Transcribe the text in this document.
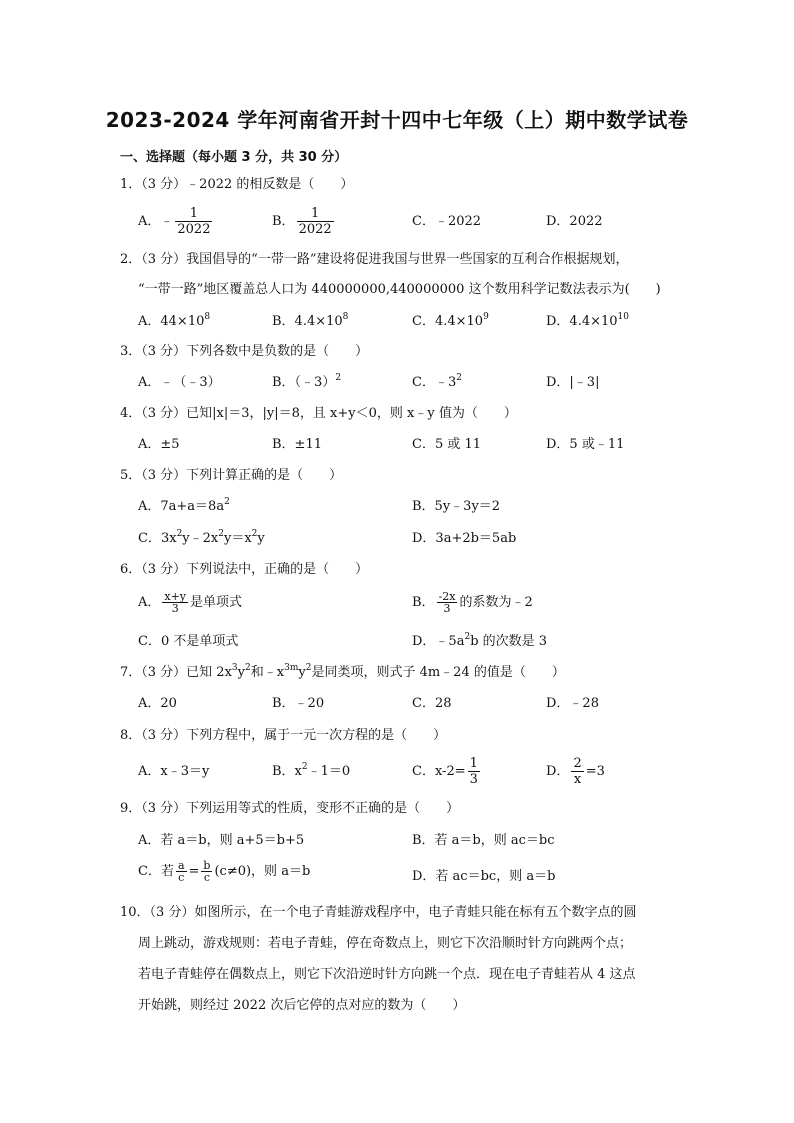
2023-2024 学年河南省开封十四中七年级（上）期中数学试卷
一、选择题（每小题 3 分，共 30 分）
1．（3 分）﹣2022 的相反数是（　　）
A．﹣ $\frac{1}{2022}$	B． $\frac{1}{2022}$	C．﹣2022	D．2022
2．（3 分）我国倡导的“一带一路”建设将促进我国与世界一些国家的互利合作根据规划，
“一带一路”地区覆盖总人口为 440000000,440000000 这个数用科学记数法表示为(　　)
A．$44\times 10^8$	B．$4.4\times 10^8$	C．$4.4\times 10^9$	D．$4.4\times 10^{10}$
3．（3 分）下列各数中是负数的是（　　）
A．﹣（﹣3）	B．（﹣3）$^2$	C．$﹣3^2$	D．|﹣3|
4．（3 分）已知|x|＝3，|y|＝8，且 x+y＜0，则 x﹣y 值为（　　）
A．±5	B．±11	C．5 或 11	D．5 或﹣11
5．（3 分）下列计算正确的是（　　）
A．$7a+a=8a^2$	B．5y﹣3y＝2
C．$3x^2y﹣2x^2y=x^2y$	D．3a+2b＝5ab
6．（3 分）下列说法中，正确的是（　　）
A． $\frac{x+y}{3}$ 是单项式	B． $\frac{-2x}{3}$ 的系数为﹣2
C．0 不是单项式	D．$﹣5a^2b$ 的次数是 3
7．（3 分）已知 $2x^3y^2$和$﹣x^{3m}y^2$是同类项，则式子 4m﹣24 的值是（　　）
A．20	B．﹣20	C．28	D．﹣28
8．（3 分）下列方程中，属于一元一次方程的是（　　）
A．x﹣3＝y	B．$x^2﹣1=0$	C．$x-2= \frac{1}{3}$	D． $\frac{2}{x} =3$
9．（3 分）下列运用等式的性质，变形不正确的是（　　）
A．若 a＝b，则 a+5＝b+5	B．若 a＝b，则 ac＝bc
C．若 $\frac{a}{c} = \frac{b}{c} (c\ne 0)$，则 a＝b	D．若 ac＝bc，则 a＝b
10．（3 分）如图所示，在一个电子青蛙游戏程序中，电子青蛙只能在标有五个数字点的圆
周上跳动，游戏规则：若电子青蛙，停在奇数点上，则它下次沿顺时针方向跳两个点；
若电子青蛙停在偶数点上，则它下次沿逆时针方向跳一个点．现在电子青蛙若从 4 这点
开始跳，则经过 2022 次后它停的点对应的数为（　　）
